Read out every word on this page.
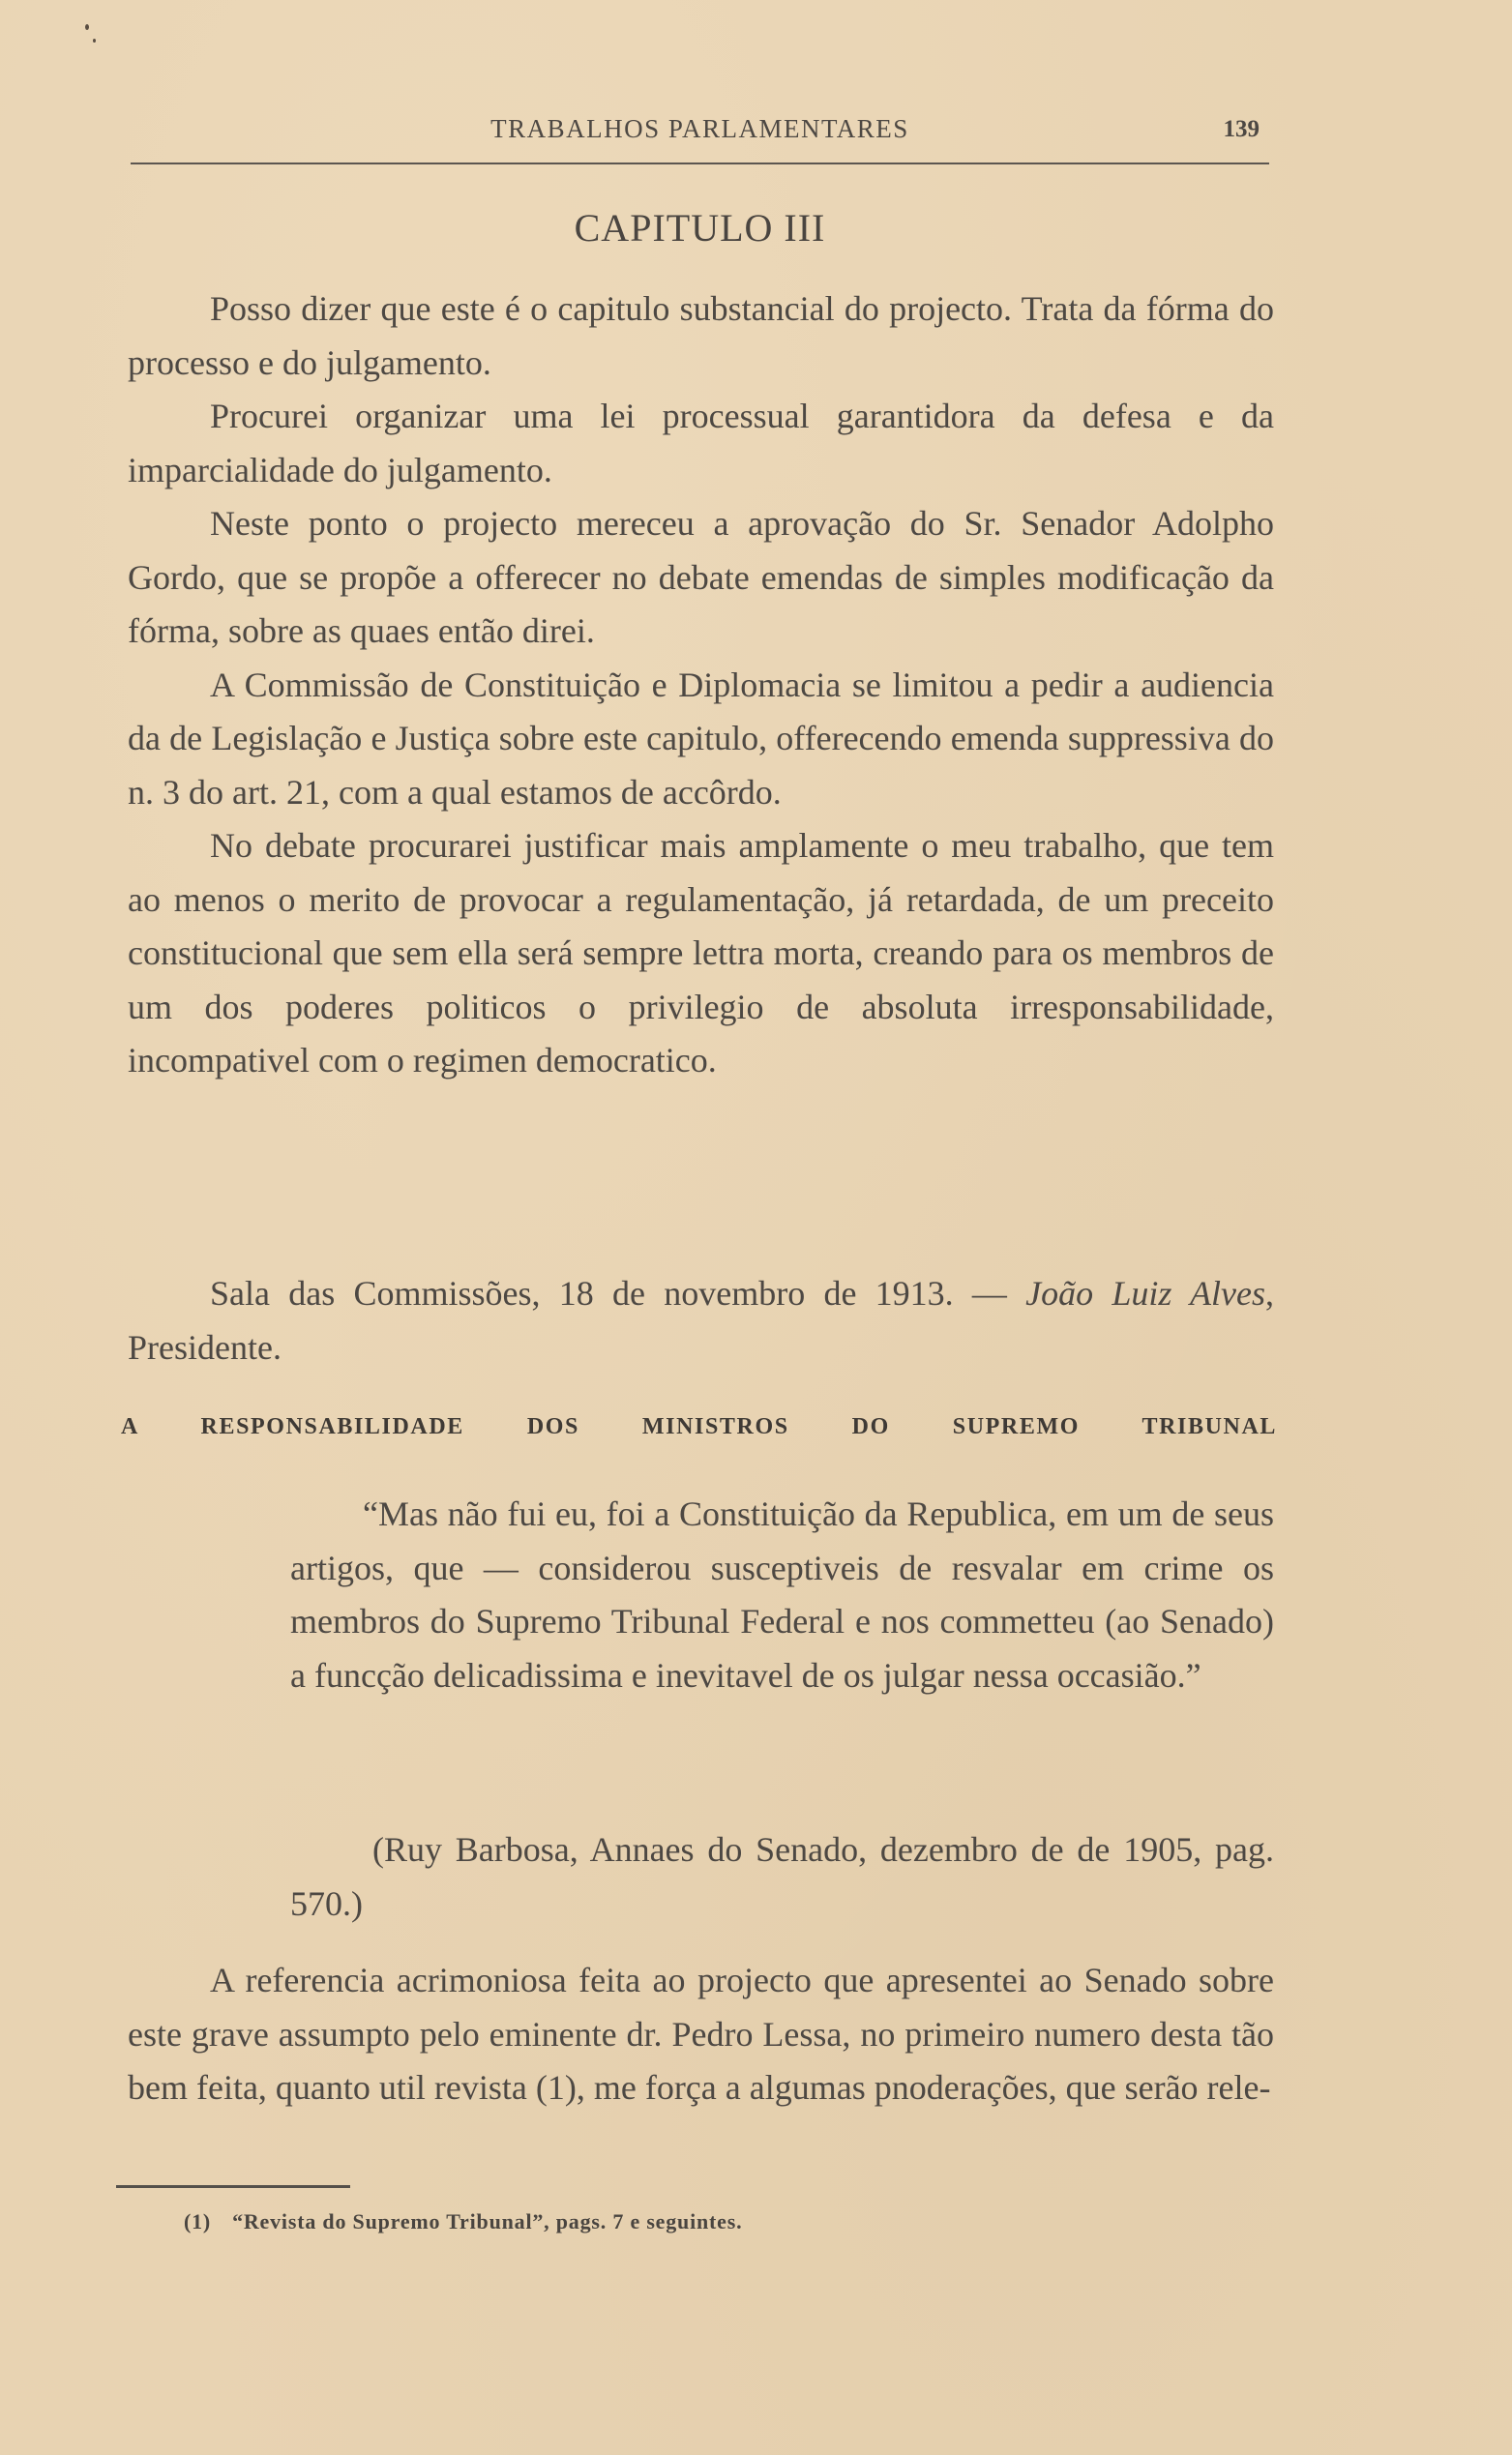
TRABALHOS PARLAMENTARES	139
CAPITULO III

Posso dizer que este é o capitulo substancial do projecto. Trata da fórma do processo e do julgamento.

Procurei organizar uma lei processual garantidora da defesa e da imparcialidade do julgamento.

Neste ponto o projecto mereceu a aprovação do Sr. Senador Adolpho Gordo, que se propõe a offerecer no debate emendas de simples modificação da fórma, sobre as quaes então direi.

A Commissão de Constituição e Diplomacia se limitou a pedir a audiencia da de Legislação e Justiça sobre este capitulo, offerecendo emenda suppressiva do n. 3 do art. 21, com a qual estamos de accôrdo.

No debate procurarei justificar mais amplamente o meu trabalho, que tem ao menos o merito de provocar a regulamentação, já retardada, de um preceito constitucional que sem ella será sempre lettra morta, creando para os membros de um dos poderes politicos o privilegio de absoluta irresponsabilidade, incompativel com o regimen democratico.

Sala das Commissões, 18 de novembro de 1913. — João Luiz Alves, Presidente.
A RESPONSABILIDADE DOS MINISTROS DO SUPREMO TRIBUNAL

“Mas não fui eu, foi a Constituição da Republica, em um de seus artigos, que — considerou susceptiveis de resvalar em crime os membros do Supremo Tribunal Federal e nos commetteu (ao Senado) a funcção delicadissima e inevitavel de os julgar nessa occasião.”

(Ruy Barbosa, Annaes do Senado, dezembro de de 1905, pag. 570.)
A referencia acrimoniosa feita ao projecto que apresentei ao Senado sobre este grave assumpto pelo eminente dr. Pedro Lessa, no primeiro numero desta tão bem feita, quanto util revista (1), me força a algumas pnoderações, que serão rele-
(1) “Revista do Supremo Tribunal”, pags. 7 e seguintes.
